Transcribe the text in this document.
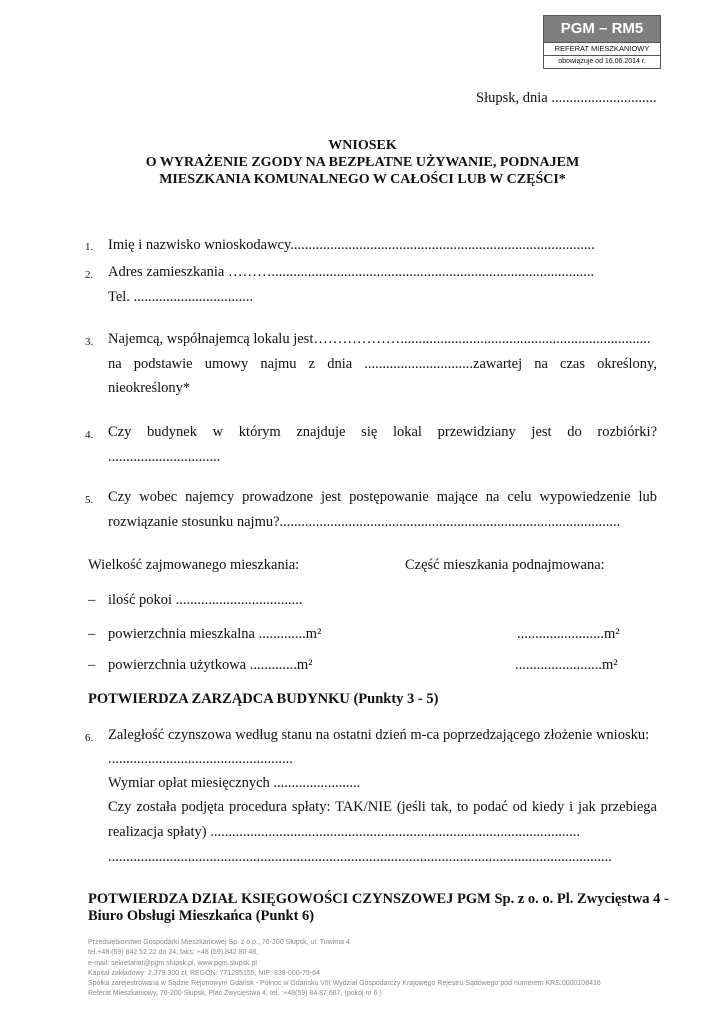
PGM – RM5
REFERAT MIESZKANIOWY
obowiązuje od 16.06.2014 r.
Słupsk, dnia .............................
WNIOSEK
O WYRAŻENIE ZGODY NA BEZPŁATNE UŻYWANIE, PODNAJEM
MIESZKANIA KOMUNALNEGO W CAŁOŚCI LUB W CZĘŚCI*
1. Imię i nazwisko wnioskodawcy....................................................................................
2. Adres zamieszkania ……….........................................................................................
Tel. .................................
3. Najemcą, współnajemcą lokalu jest……………….....................................................................
na podstawie umowy najmu z dnia ..............................zawartej na czas określony,
nieokreślony*
4. Czy budynek w którym znajduje się lokal przewidziany jest do rozbiórki?
...............................
5. Czy wobec najemcy prowadzone jest postępowanie mające na celu wypowiedzenie lub
rozwiązanie stosunku najmu?..............................................................................................
Wielkość zajmowanego mieszkania:	Część mieszkania podnajmowana:
– ilość pokoi ...................................
– powierzchnia mieszkalna .............m²	........................m²
– powierzchnia użytkowa .............m²	........................m²
POTWIERDZA ZARZĄDCA BUDYNKU (Punkty 3 - 5)
6. Zaległość czynszowa według stanu na ostatni dzień m-ca poprzedzającego złożenie wniosku:
...................................................
Wymiar opłat miesięcznych ........................
Czy została podjęta procedura spłaty: TAK/NIE (jeśli tak, to podać od kiedy i jak przebiega
realizacja spłaty) ......................................................................................................
...........................................................................................................................................
POTWIERDZA DZIAŁ KSIĘGOWOŚCI CZYNSZOWEJ PGM Sp. z o. o. Pl. Zwycięstwa 4 -
Biuro Obsługi Mieszkańca (Punkt 6)
Przedsiębiorstwo Gospodarki Mieszkaniowej Sp. z o.o., 76-200 Słupsk, ul. Tuwima 4
tel.+48 (59) 842 52 22 do 24, faks: +48 (59) 842 80 48,
e-mail: sekretariat@pgm.slupsk.pl, www.pgm.slupsk.pl
Kapitał zakładowy: 2.379.300 zł; REGON: 771285155, NIP: 839-000-79-64
Spółka zarejestrowana w Sądzie Rejonowym Gdańsk - Północ w Gdańsku VIII Wydział Gospodarczy Krajowego Rejestru Sądowego pod numerem KRS:0000108416
Referat Mieszkaniowy, 76-200 Słupsk, Plac Zwycięstwa 4, tel. :+48(59) 84 87 687, (pokój nr 6 )
